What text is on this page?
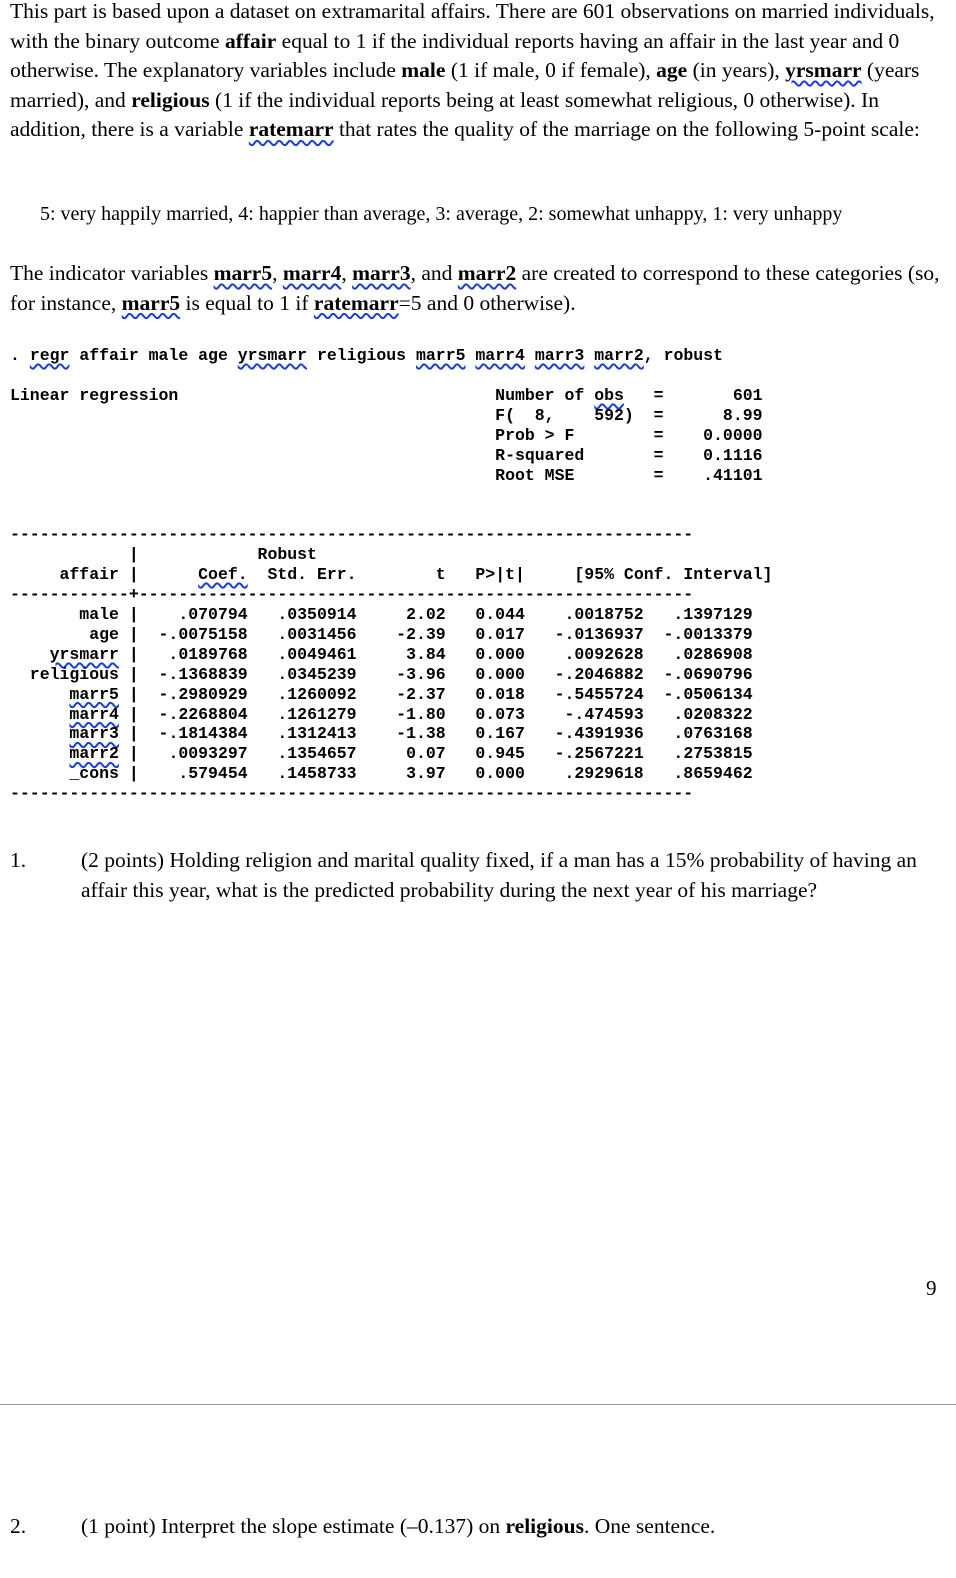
This part is based upon a dataset on extramarital affairs. There are 601 observations on married individuals, with the binary outcome affair equal to 1 if the individual reports having an affair in the last year and 0 otherwise. The explanatory variables include male (1 if male, 0 if female), age (in years), yrsmarr (years married), and religious (1 if the individual reports being at least somewhat religious, 0 otherwise). In addition, there is a variable ratemarr that rates the quality of the marriage on the following 5-point scale:

5: very happily married, 4: happier than average, 3: average, 2: somewhat unhappy, 1: very unhappy

The indicator variables marr5, marr4, marr3, and marr2 are created to correspond to these categories (so, for instance, marr5 is equal to 1 if ratemarr=5 and 0 otherwise).

. regr affair male age yrsmarr religious marr5 marr4 marr3 marr2, robust
Linear regression                                Number of obs   =       601
F(  8,    592)  =      8.99
Prob > F        =    0.0000
R-squared       =    0.1116
Root MSE        =    .41101

---------------------------------------------------------------------
|            Robust
affair |	Coef.  Std. Err.        t   P>|t|     [95% Conf. Interval]
------------+--------------------------------------------------------
male |    .070794   .0350914     2.02   0.044    .0018752   .1397129
age |  -.0075158   .0031456    -2.39   0.017   -.0136937  -.0013379
yrsmarr |   .0189768   .0049461     3.84   0.000    .0092628   .0286908
religious |  -.1368839   .0345239    -3.96   0.000   -.2046882  -.0690796
marr5 |  -.2980929   .1260092    -2.37   0.018   -.5455724  -.0506134
marr4 |  -.2268804   .1261279    -1.80   0.073    -.474593   .0208322
marr3 |  -.1814384   .1312413    -1.38   0.167   -.4391936   .0763168
marr2 |   .0093297   .1354657     0.07   0.945   -.2567221   .2753815
_cons |    .579454   .1458733     3.97   0.000    .2929618   .8659462
---------------------------------------------------------------------
1.	(2 points) Holding religion and marital quality fixed, if a man has a 15% probability of having an affair this year, what is the predicted probability during the next year of his marriage?

9
2.	(1 point) Interpret the slope estimate (–0.137) on religious. One sentence.
